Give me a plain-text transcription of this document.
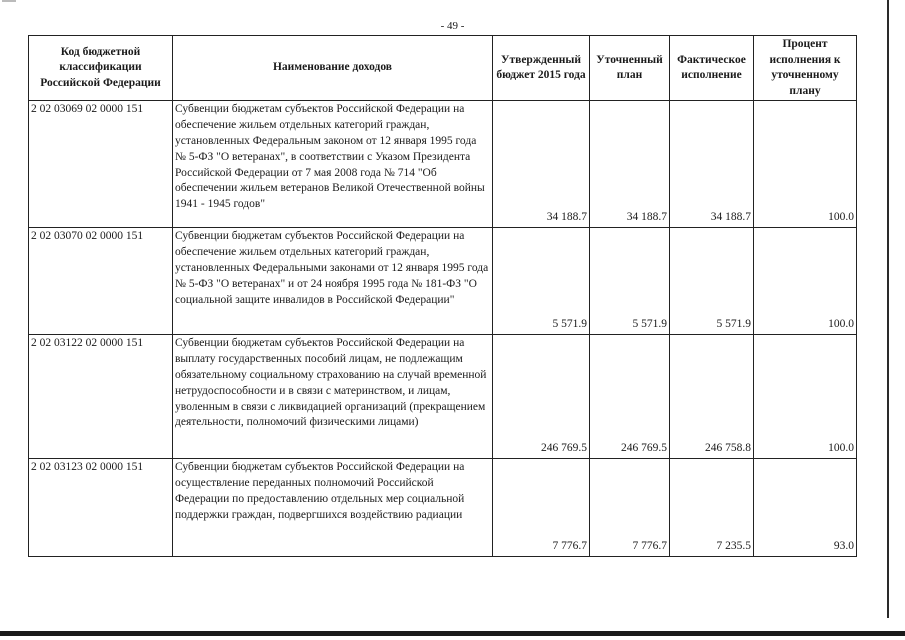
- 49 -
Код бюджетной классификации Российской Федерации	Наименование доходов	Утвержденный бюджет 2015 года	Уточненный план	Фактическое исполнение	Процент исполнения к уточненному плану
2 02 03069 02 0000 151	Субвенции бюджетам субъектов Российской Федерации на обеспечение жильем отдельных категорий граждан, установленных Федеральным законом от 12 января 1995 года № 5-ФЗ "О ветеранах", в соответствии с Указом Президента Российской Федерации от 7 мая 2008 года № 714 "Об обеспечении жильем ветеранов Великой Отечественной войны 1941 - 1945 годов"	34 188.7	34 188.7	34 188.7	100.0
2 02 03070 02 0000 151	Субвенции бюджетам субъектов Российской Федерации на обеспечение жильем отдельных категорий граждан, установленных Федеральными законами от 12 января 1995 года № 5-ФЗ "О ветеранах" и от 24 ноября 1995 года № 181-ФЗ "О социальной защите инвалидов в Российской Федерации"	5 571.9	5 571.9	5 571.9	100.0
2 02 03122 02 0000 151	Субвенции бюджетам субъектов Российской Федерации на выплату государственных пособий лицам, не подлежащим обязательному социальному страхованию на случай временной нетрудоспособности и в связи с материнством, и лицам, уволенным в связи с ликвидацией организаций (прекращением деятельности, полномочий физическими лицами)	246 769.5	246 769.5	246 758.8	100.0
2 02 03123 02 0000 151	Субвенции бюджетам субъектов Российской Федерации на осуществление переданных полномочий Российской Федерации по предоставлению отдельных мер социальной поддержки граждан, подвергшихся воздействию радиации	7 776.7	7 776.7	7 235.5	93.0
